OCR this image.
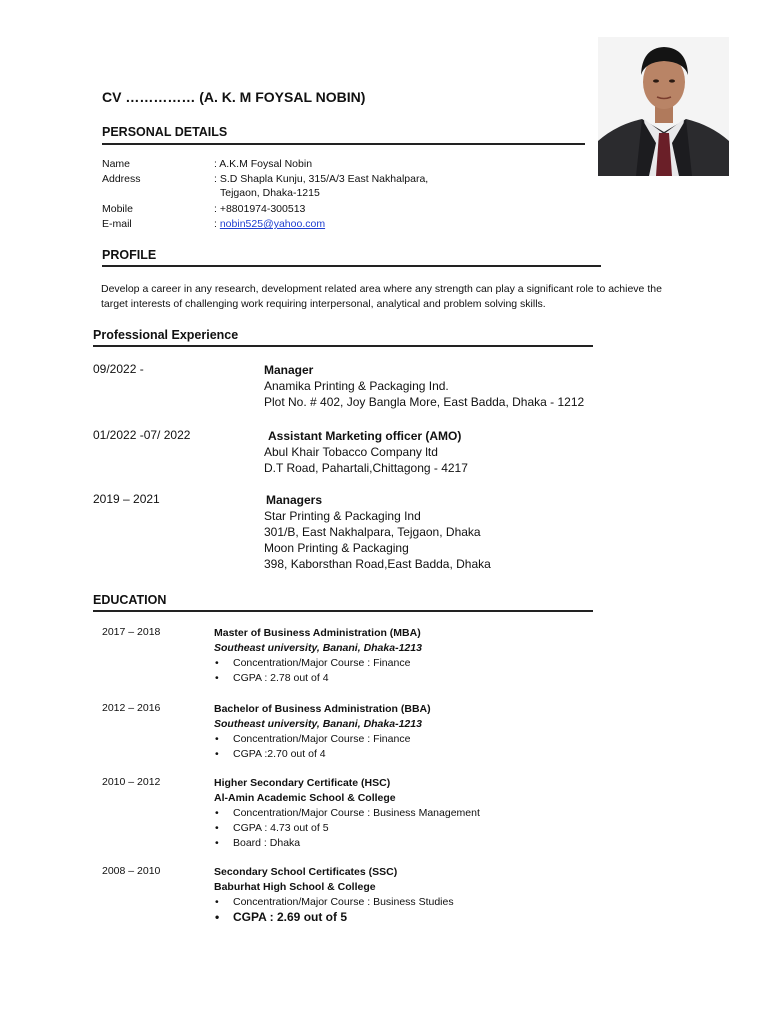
CV …………… (A. K. M FOYSAL NOBIN)
PERSONAL DETAILS
Name	: A.K.M Foysal Nobin
Address	: S.D Shapla Kunju, 315/A/3 East Nakhalpara,
Tejgaon, Dhaka-1215
Mobile	: +8801974-300513
E-mail	: nobin525@yahoo.com
PROFILE
Develop a career in any research, development related area where any strength can play a significant role to achieve the target interests of challenging work requiring interpersonal, analytical and problem solving skills.
Professional Experience
09/2022 -	Manager
Anamika Printing & Packaging Ind.
Plot No. # 402, Joy Bangla More, East Badda, Dhaka - 1212
01/2022 -07/ 2022	Assistant Marketing officer (AMO)
Abul Khair Tobacco Company ltd
D.T Road, Pahartali,Chittagong - 4217
2019 – 2021	Managers
Star Printing & Packaging Ind
301/B, East Nakhalpara, Tejgaon, Dhaka
Moon Printing & Packaging
398, Kaborsthan Road,East Badda, Dhaka
EDUCATION
2017 – 2018	Master of Business Administration (MBA)
Southeast university, Banani, Dhaka-1213
• Concentration/Major Course : Finance
• CGPA : 2.78 out of 4
2012 – 2016	Bachelor of Business Administration (BBA)
Southeast university, Banani, Dhaka-1213
• Concentration/Major Course : Finance
• CGPA :2.70 out of 4
2010 – 2012	Higher Secondary Certificate (HSC)
Al-Amin Academic School & College
• Concentration/Major Course : Business Management
• CGPA : 4.73 out of 5
• Board : Dhaka
2008 – 2010	Secondary School Certificates (SSC)
Baburhat High School & College
• Concentration/Major Course : Business Studies
• CGPA : 2.69 out of 5
